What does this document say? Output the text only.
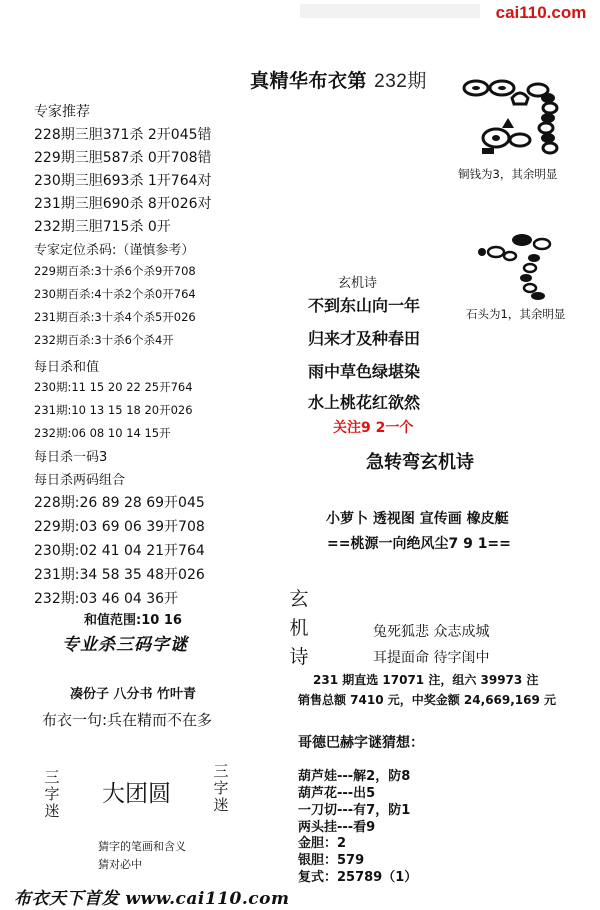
cai110.com
真精华布衣第 232期
专家推荐
228期三胆371杀 2开045错
229期三胆587杀 0开708错
230期三胆693杀 1开764对
231期三胆690杀 8开026对
232期三胆715杀 0开
专家定位杀码:（谨慎参考）
229期百杀:3十杀6个杀9开708
230期百杀:4十杀2个杀0开764
231期百杀:3十杀4个杀5开026
232期百杀:3十杀6个杀4开
每日杀和值
230期:11 15 20 22 25开764
231期:10 13 15 18 20开026
232期:06 08 10 14 15开
每日杀一码3
每日杀两码组合
228期:26 89 28 69开045
229期:03 69 06 39开708
230期:02 41 04 21开764
231期:34 58 35 48开026
232期:03 46 04 36开
和值范围:10 16
专业杀三码字谜
凑份子 八分书 竹叶青
布衣一句:兵在精而不在多
三
字
迷
大团圆
三
字
迷
猜字的笔画和含义
猜对必中
布衣天下首发 www.cai110.com
铜钱为3，其余明显
石头为1，其余明显
玄机诗
不到东山向一年
归来才及种春田
雨中草色绿堪染
水上桃花红欲然
关注9 2一个
急转弯玄机诗
小萝卜 透视图 宣传画 橡皮艇
==桃源一向绝风尘7 9 1==
玄
机
诗
兔死狐悲 众志成城
耳提面命 待字闺中
231 期直选 17071 注，组六 39973 注
销售总额 7410 元，中奖金额 24,669,169 元
哥德巴赫字谜猜想：
葫芦娃---解2，防8
葫芦花---出5
一刀切---有7，防1
两头挂---看9
金胆：2
银胆：579
复式：25789（1）
